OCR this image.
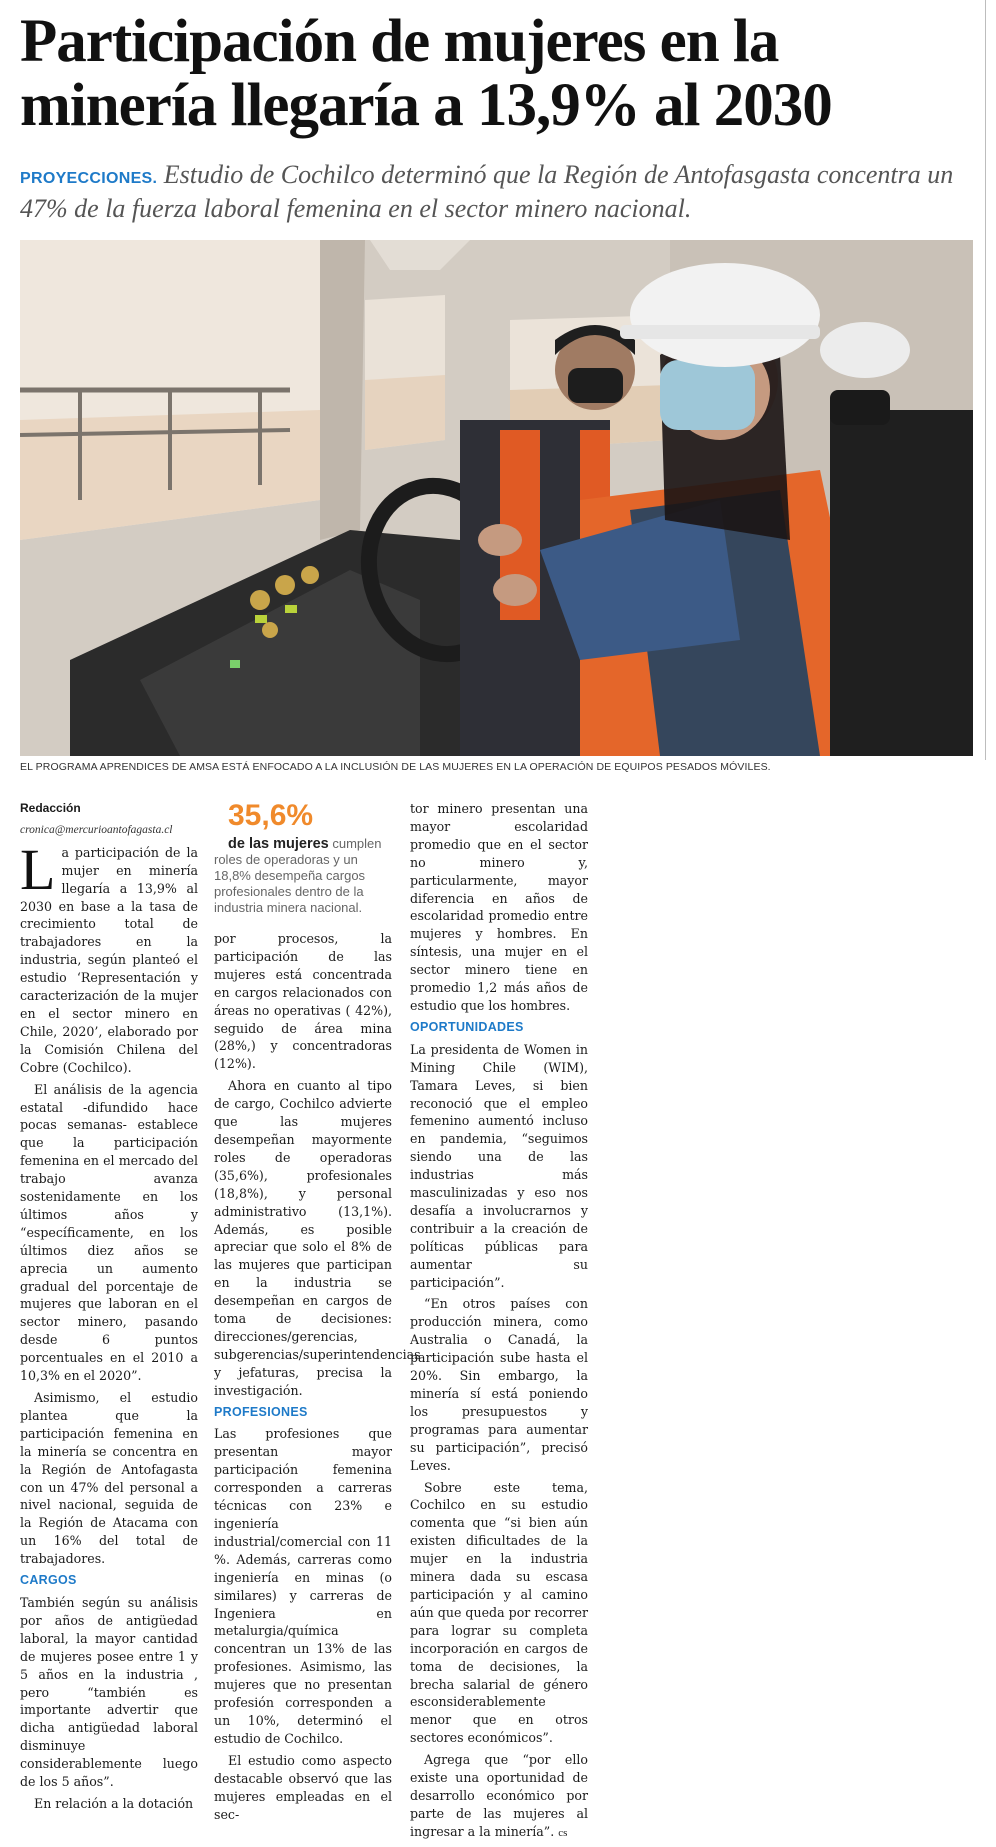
Participación de mujeres en la minería llegaría a 13,9% al 2030

PROYECCIONES. Estudio de Cochilco determinó que la Región de Antofasgasta concentra un 47% de la fuerza laboral femenina en el sector minero nacional.

EL PROGRAMA APRENDICES DE AMSA ESTÁ ENFOCADO A LA INCLUSIÓN DE LAS MUJERES EN LA OPERACIÓN DE EQUIPOS PESADOS MÓVILES.

Redacción

cronica@mercurioantofagasta.cl

La participación de la mujer en minería llegaría a 13,9% al 2030 en base a la tasa de crecimiento total de trabajadores en la industria, según planteó el estudio ‘Representación y caracterización de la mujer en el sector minero en Chile, 2020’, elaborado por la Comisión Chilena del Cobre (Cochilco).

El análisis de la agencia estatal -difundido hace pocas semanas- establece que la participación femenina en el mercado del trabajo avanza sostenidamente en los últimos años y “específicamente, en los últimos diez años se aprecia un aumento gradual del porcentaje de mujeres que laboran en el sector minero, pasando desde 6 puntos porcentuales en el 2010 a 10,3% en el 2020”.

Asimismo, el estudio plantea que la participación femenina en la minería se concentra en la Región de Antofagasta con un 47% del personal a nivel nacional, seguida de la Región de Atacama con un 16% del total de trabajadores.

CARGOS

También según su análisis por años de antigüedad laboral, la mayor cantidad de mujeres posee entre 1 y 5 años en la industria , pero “también es importante advertir que dicha antigüedad laboral disminuye considerablemente luego de los 5 años”.

En relación a la dotación

35,6%

de las mujeres cumplen roles de operadoras y un 18,8% desempeña cargos profesionales dentro de la industria minera nacional.

por procesos, la participación de las mujeres está concentrada en cargos relacionados con áreas no operativas ( 42%), seguido de área mina (28%,) y concentradoras (12%).

Ahora en cuanto al tipo de cargo, Cochilco advierte que las mujeres desempeñan mayormente roles de operadoras (35,6%), profesionales (18,8%), y personal administrativo (13,1%). Además, es posible apreciar que solo el 8% de las mujeres que participan en la industria se desempeñan en cargos de toma de decisiones: direcciones/gerencias, subgerencias/superintendencias y jefaturas, precisa la investigación.

PROFESIONES

Las profesiones que presentan mayor participación femenina corresponden a carreras técnicas con 23% e ingeniería industrial/comercial con 11 %. Además, carreras como ingeniería en minas (o similares) y carreras de Ingeniera en metalurgia/química concentran un 13% de las profesiones. Asimismo, las mujeres que no presentan profesión corresponden a un 10%, determinó el estudio de Cochilco.

El estudio como aspecto destacable observó que las mujeres empleadas en el sec-

tor minero presentan una mayor escolaridad promedio que en el sector no minero y, particularmente, mayor diferencia en años de escolaridad promedio entre mujeres y hombres. En síntesis, una mujer en el sector minero tiene en promedio 1,2 más años de estudio que los hombres.

OPORTUNIDADES

La presidenta de Women in Mining Chile (WIM), Tamara Leves, si bien reconoció que el empleo femenino aumentó incluso en pandemia, “seguimos siendo una de las industrias más masculinizadas y eso nos desafía a involucrarnos y contribuir a la creación de políticas públicas para aumentar su participación”.

“En otros países con producción minera, como Australia o Canadá, la participación sube hasta el 20%. Sin embargo, la minería sí está poniendo los presupuestos y programas para aumentar su participación”, precisó Leves.

Sobre este tema, Cochilco en su estudio comenta que “si bien aún existen dificultades de la mujer en la industria minera dada su escasa participación y al camino aún que queda por recorrer para lograr su completa incorporación en cargos de toma de decisiones, la brecha salarial de género esconsiderablemente menor que en otros sectores económicos”.

Agrega que “por ello existe una oportunidad de desarrollo económico por parte de las mujeres al ingresar a la minería”. cs
